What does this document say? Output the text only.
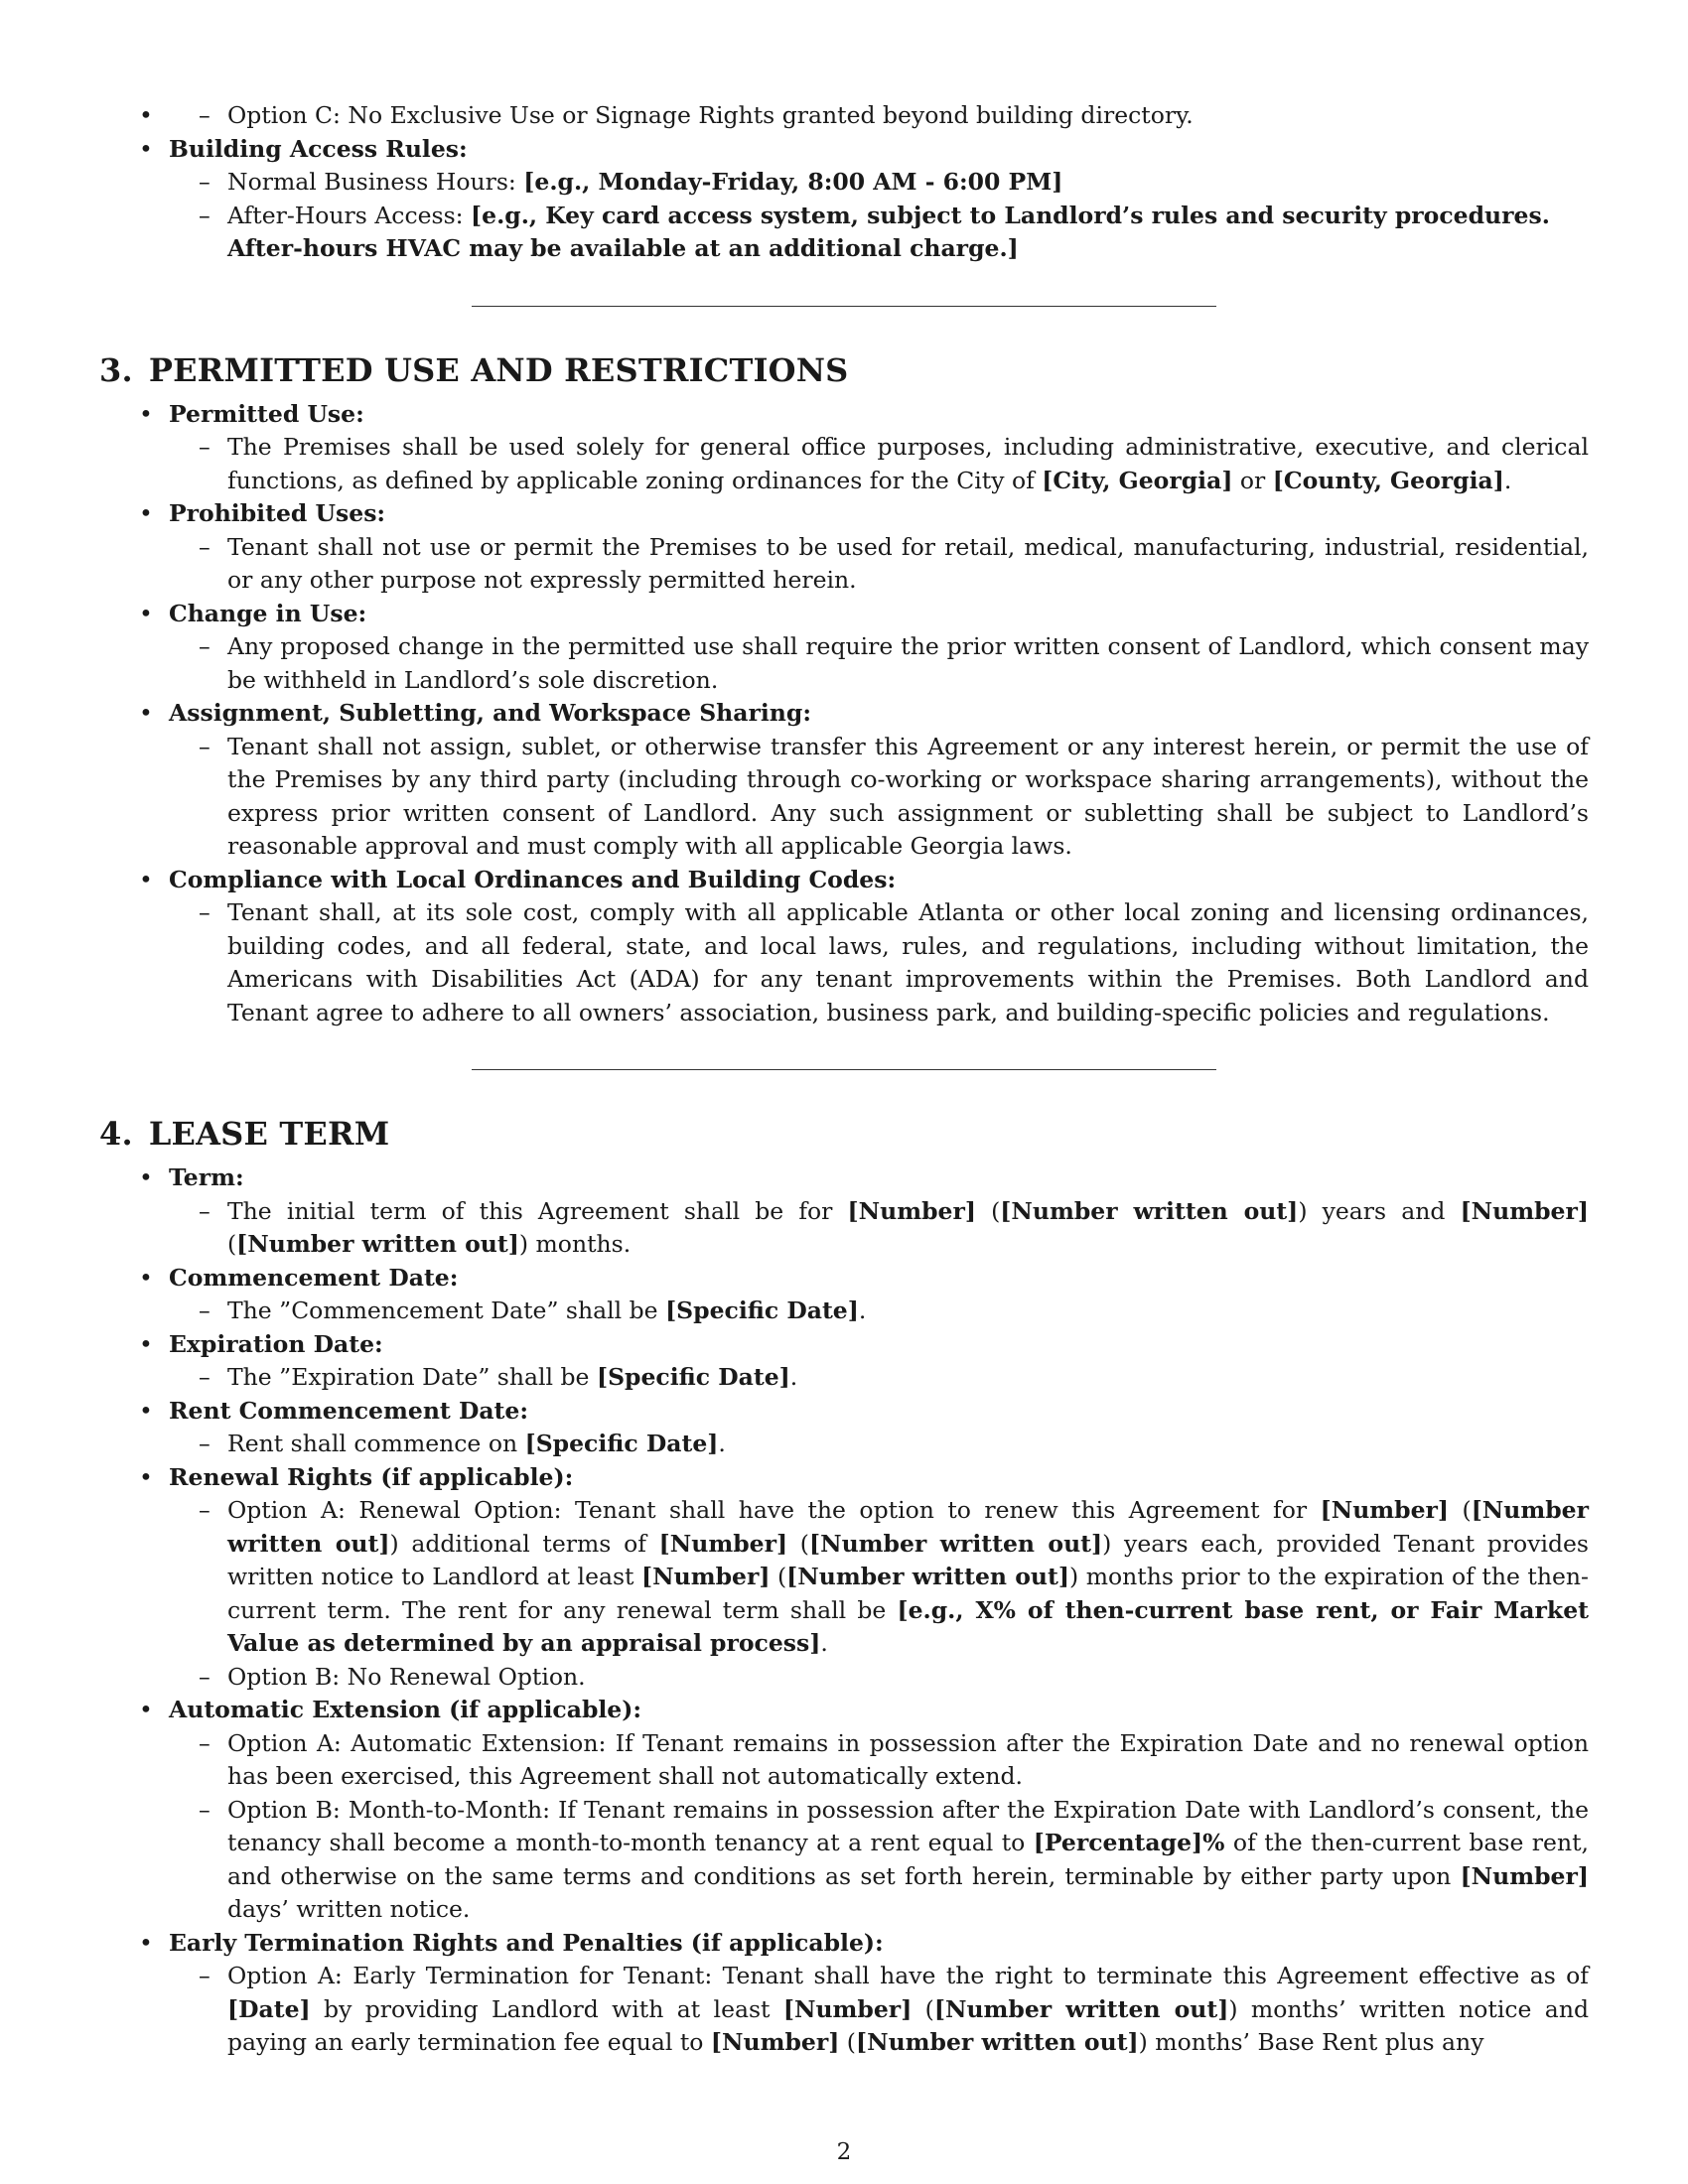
– • Option C: No Exclusive Use or Signage Rights granted beyond building directory.
• Building Access Rules:
– Normal Business Hours: [e.g., Monday-Friday, 8:00 AM - 6:00 PM]
– After-Hours Access: [e.g., Key card access system, subject to Landlord’s rules and security procedures. After-hours HVAC may be available at an additional charge.]
3. PERMITTED USE AND RESTRICTIONS
• Permitted Use:
– The Premises shall be used solely for general office purposes, including administrative, executive, and clerical functions, as defined by applicable zoning ordinances for the City of [City, Georgia] or [County, Georgia].
• Prohibited Uses:
– Tenant shall not use or permit the Premises to be used for retail, medical, manufacturing, industrial, residential, or any other purpose not expressly permitted herein.
• Change in Use:
– Any proposed change in the permitted use shall require the prior written consent of Landlord, which consent may be withheld in Landlord’s sole discretion.
• Assignment, Subletting, and Workspace Sharing:
– Tenant shall not assign, sublet, or otherwise transfer this Agreement or any interest herein, or permit the use of the Premises by any third party (including through co-working or workspace sharing arrangements), without the express prior written consent of Landlord. Any such assignment or subletting shall be subject to Landlord’s reasonable approval and must comply with all applicable Georgia laws.
• Compliance with Local Ordinances and Building Codes:
– Tenant shall, at its sole cost, comply with all applicable Atlanta or other local zoning and licensing ordinances, building codes, and all federal, state, and local laws, rules, and regulations, including without limitation, the Americans with Disabilities Act (ADA) for any tenant improvements within the Premises. Both Landlord and Tenant agree to adhere to all owners’ association, business park, and building-specific policies and regulations.
4. LEASE TERM
• Term:
– The initial term of this Agreement shall be for [Number] ([Number written out]) years and [Number] ([Number written out]) months.
• Commencement Date:
– The ”Commencement Date” shall be [Specific Date].
• Expiration Date:
– The ”Expiration Date” shall be [Specific Date].
• Rent Commencement Date:
– Rent shall commence on [Specific Date].
• Renewal Rights (if applicable):
– Option A: Renewal Option: Tenant shall have the option to renew this Agreement for [Number] ([Number written out]) additional terms of [Number] ([Number written out]) years each, provided Tenant provides written notice to Landlord at least [Number] ([Number written out]) months prior to the expiration of the then-current term. The rent for any renewal term shall be [e.g., X% of then-current base rent, or Fair Market Value as determined by an appraisal process].
– Option B: No Renewal Option.
• Automatic Extension (if applicable):
– Option A: Automatic Extension: If Tenant remains in possession after the Expiration Date and no renewal option has been exercised, this Agreement shall not automatically extend.
– Option B: Month-to-Month: If Tenant remains in possession after the Expiration Date with Landlord’s consent, the tenancy shall become a month-to-month tenancy at a rent equal to [Percentage]% of the then-current base rent, and otherwise on the same terms and conditions as set forth herein, terminable by either party upon [Number] days’ written notice.
• Early Termination Rights and Penalties (if applicable):
– Option A: Early Termination for Tenant: Tenant shall have the right to terminate this Agreement effective as of [Date] by providing Landlord with at least [Number] ([Number written out]) months’ written notice and paying an early termination fee equal to [Number] ([Number written out]) months’ Base Rent plus any
2
